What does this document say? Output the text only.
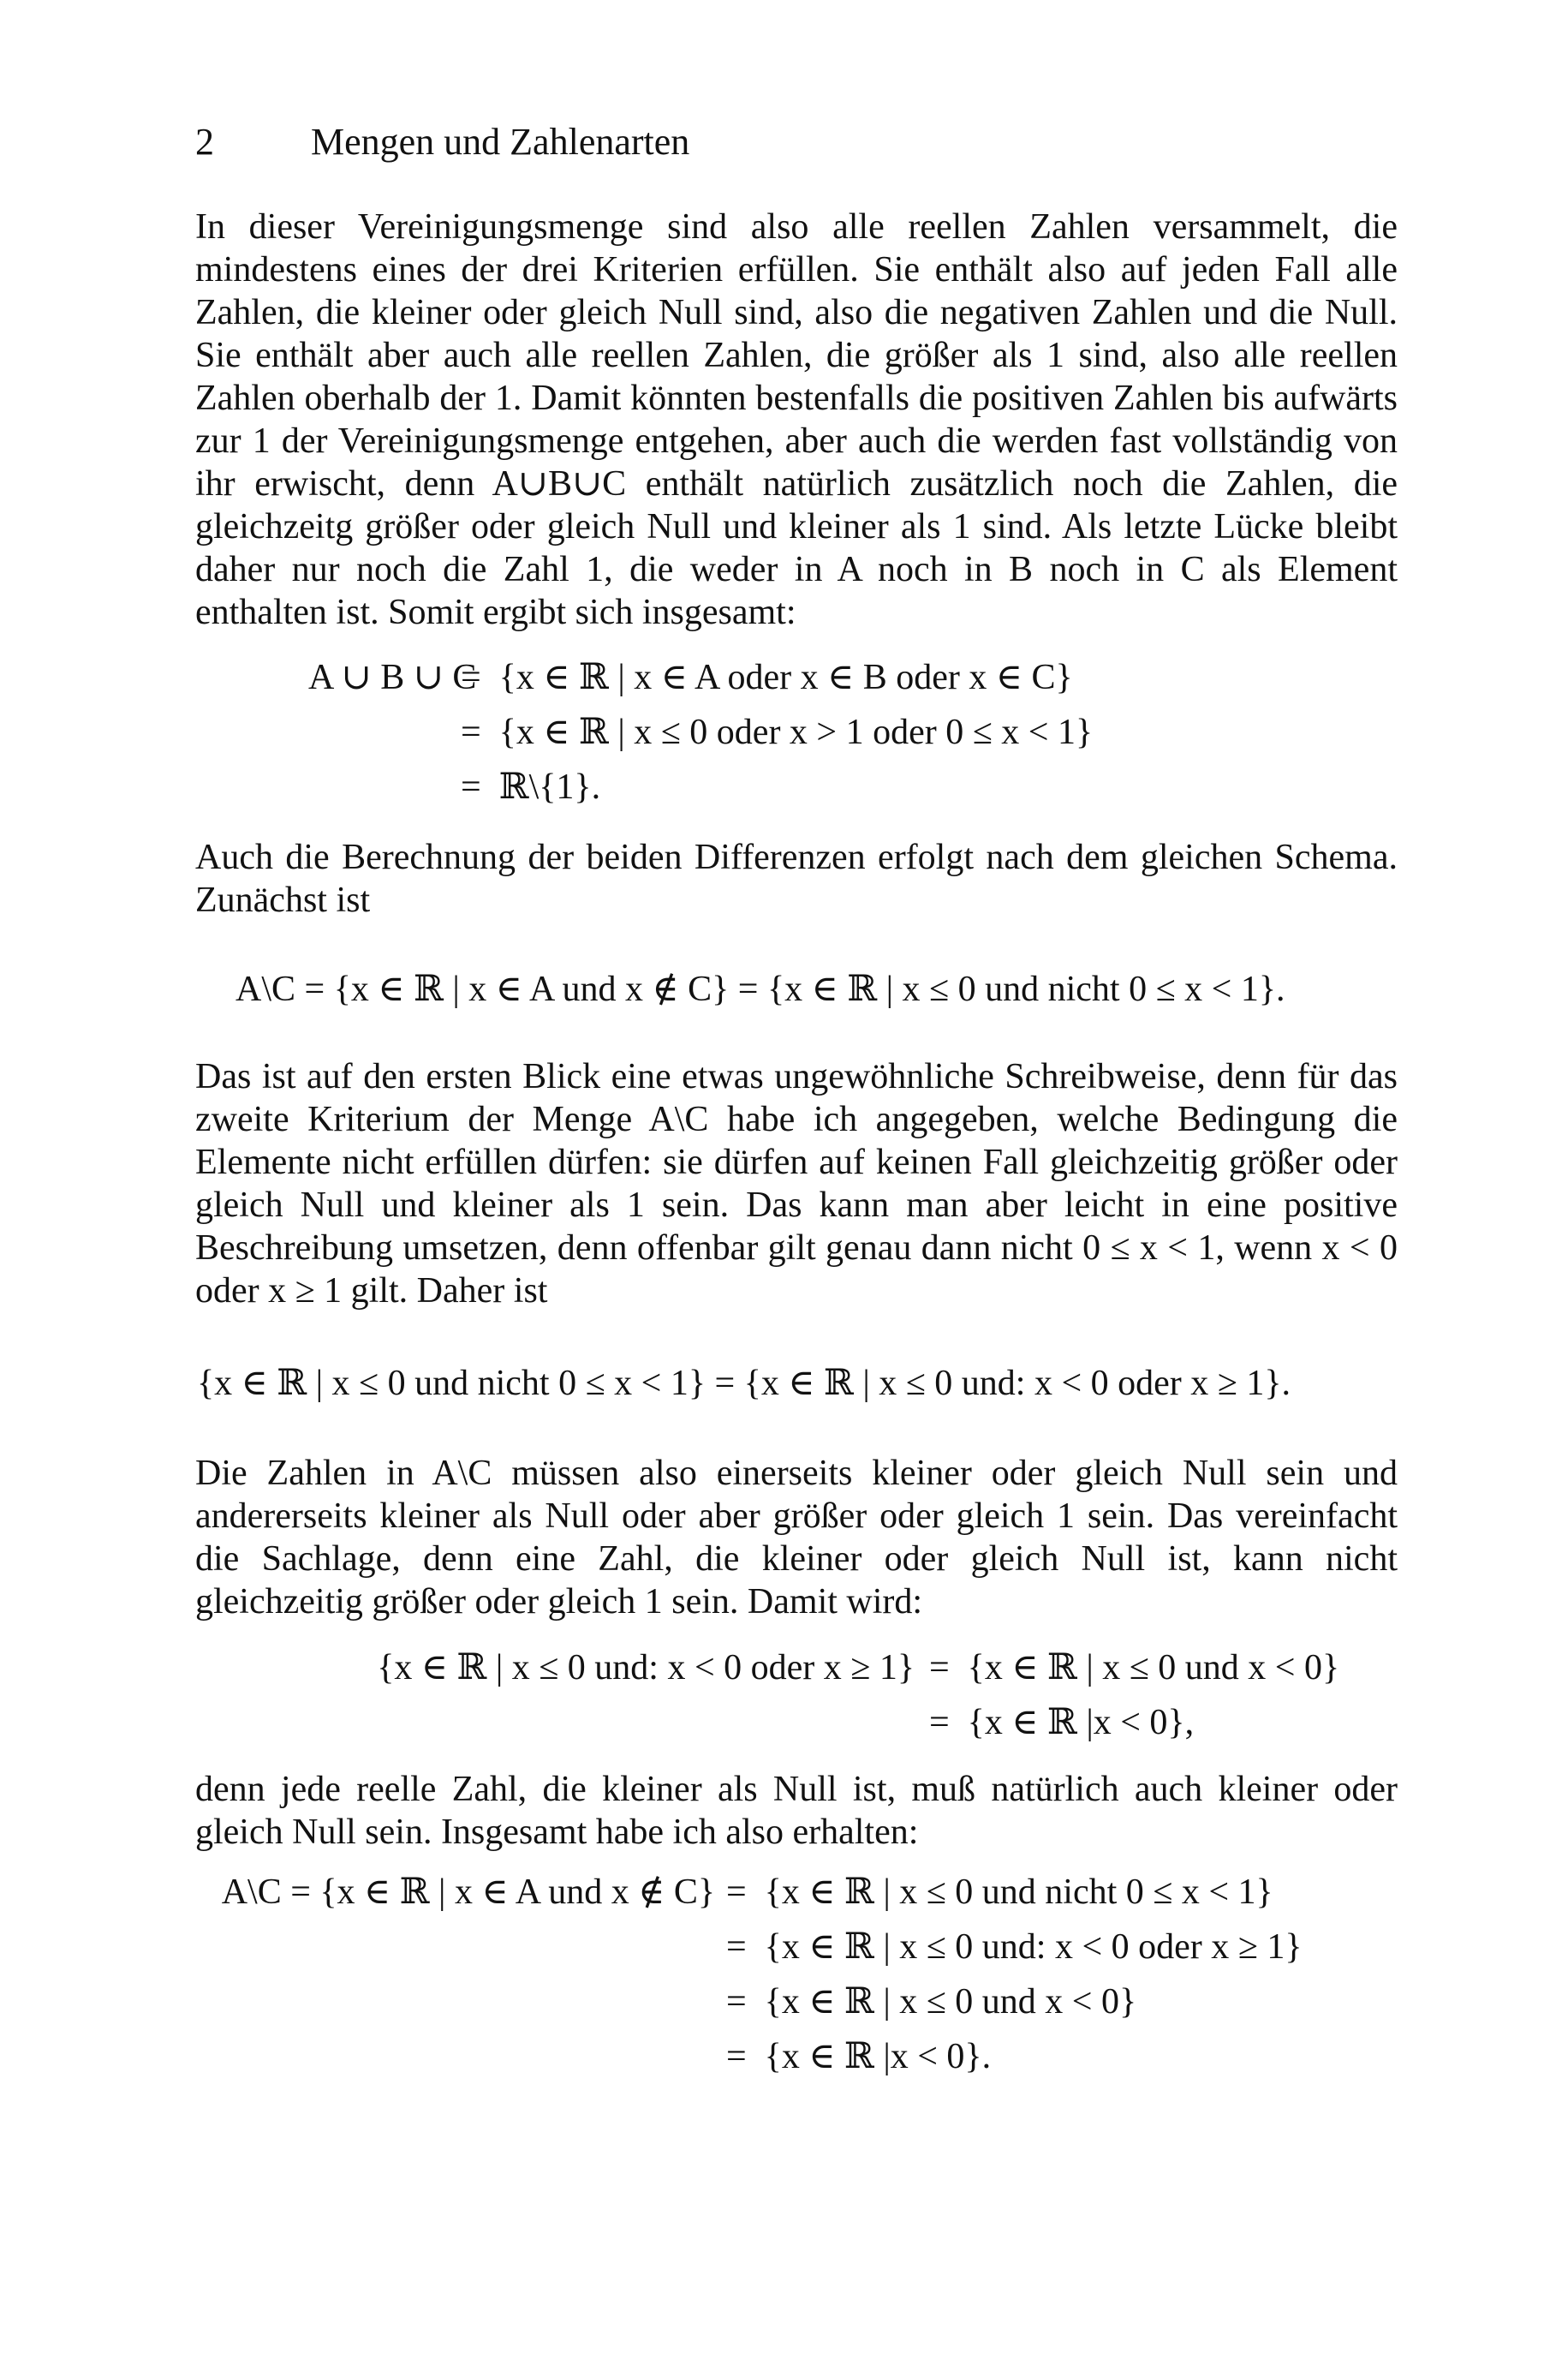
2	Mengen und Zahlenarten

In dieser Vereinigungsmenge sind also alle reellen Zahlen versammelt, die mindestens eines der drei Kriterien erfüllen. Sie enthält also auf jeden Fall alle Zahlen, die kleiner oder gleich Null sind, also die negativen Zahlen und die Null. Sie enthält aber auch alle reellen Zahlen, die größer als 1 sind, also alle reellen Zahlen oberhalb der 1. Damit könnten bestenfalls die positiven Zahlen bis aufwärts zur 1 der Vereinigungsmenge entgehen, aber auch die werden fast vollständig von ihr erwischt, denn A∪B∪C enthält natürlich zusätzlich noch die Zahlen, die gleichzeitg größer oder gleich Null und kleiner als 1 sind. Als letzte Lücke bleibt daher nur noch die Zahl 1, die weder in A noch in B noch in C als Element enthalten ist. Somit ergibt sich insgesamt:

A ∪ B ∪ C
=  {x ∈ ℝ | x ∈ A oder x ∈ B oder x ∈ C}
=  {x ∈ ℝ | x ≤ 0 oder x > 1 oder 0 ≤ x < 1}
=  ℝ\{1}.

Auch die Berechnung der beiden Differenzen erfolgt nach dem gleichen Schema. Zunächst ist

A\C = {x ∈ ℝ | x ∈ A und x ∉ C} = {x ∈ ℝ | x ≤ 0 und nicht 0 ≤ x < 1}.

Das ist auf den ersten Blick eine etwas ungewöhnliche Schreibweise, denn für das zweite Kriterium der Menge A\C habe ich angegeben, welche Bedingung die Elemente nicht erfüllen dürfen: sie dürfen auf keinen Fall gleichzeitig größer oder gleich Null und kleiner als 1 sein. Das kann man aber leicht in eine positive Beschreibung umsetzen, denn offenbar gilt genau dann nicht 0 ≤ x < 1, wenn x < 0 oder x ≥ 1 gilt. Daher ist

{x ∈ ℝ | x ≤ 0 und nicht 0 ≤ x < 1} = {x ∈ ℝ | x ≤ 0 und: x < 0 oder x ≥ 1}.

Die Zahlen in A\C müssen also einerseits kleiner oder gleich Null sein und andererseits kleiner als Null oder aber größer oder gleich 1 sein. Das vereinfacht die Sachlage, denn eine Zahl, die kleiner oder gleich Null ist, kann nicht gleichzeitig größer oder gleich 1 sein. Damit wird:

{x ∈ ℝ | x ≤ 0 und: x < 0 oder x ≥ 1} =  {x ∈ ℝ | x ≤ 0 und x < 0}
=  {x ∈ ℝ |x < 0},

denn jede reelle Zahl, die kleiner als Null ist, muß natürlich auch kleiner oder gleich Null sein. Insgesamt habe ich also erhalten:

A\C = {x ∈ ℝ | x ∈ A und x ∉ C} =  {x ∈ ℝ | x ≤ 0 und nicht 0 ≤ x < 1}
=  {x ∈ ℝ | x ≤ 0 und: x < 0 oder x ≥ 1}
=  {x ∈ ℝ | x ≤ 0 und x < 0}
=  {x ∈ ℝ |x < 0}.
